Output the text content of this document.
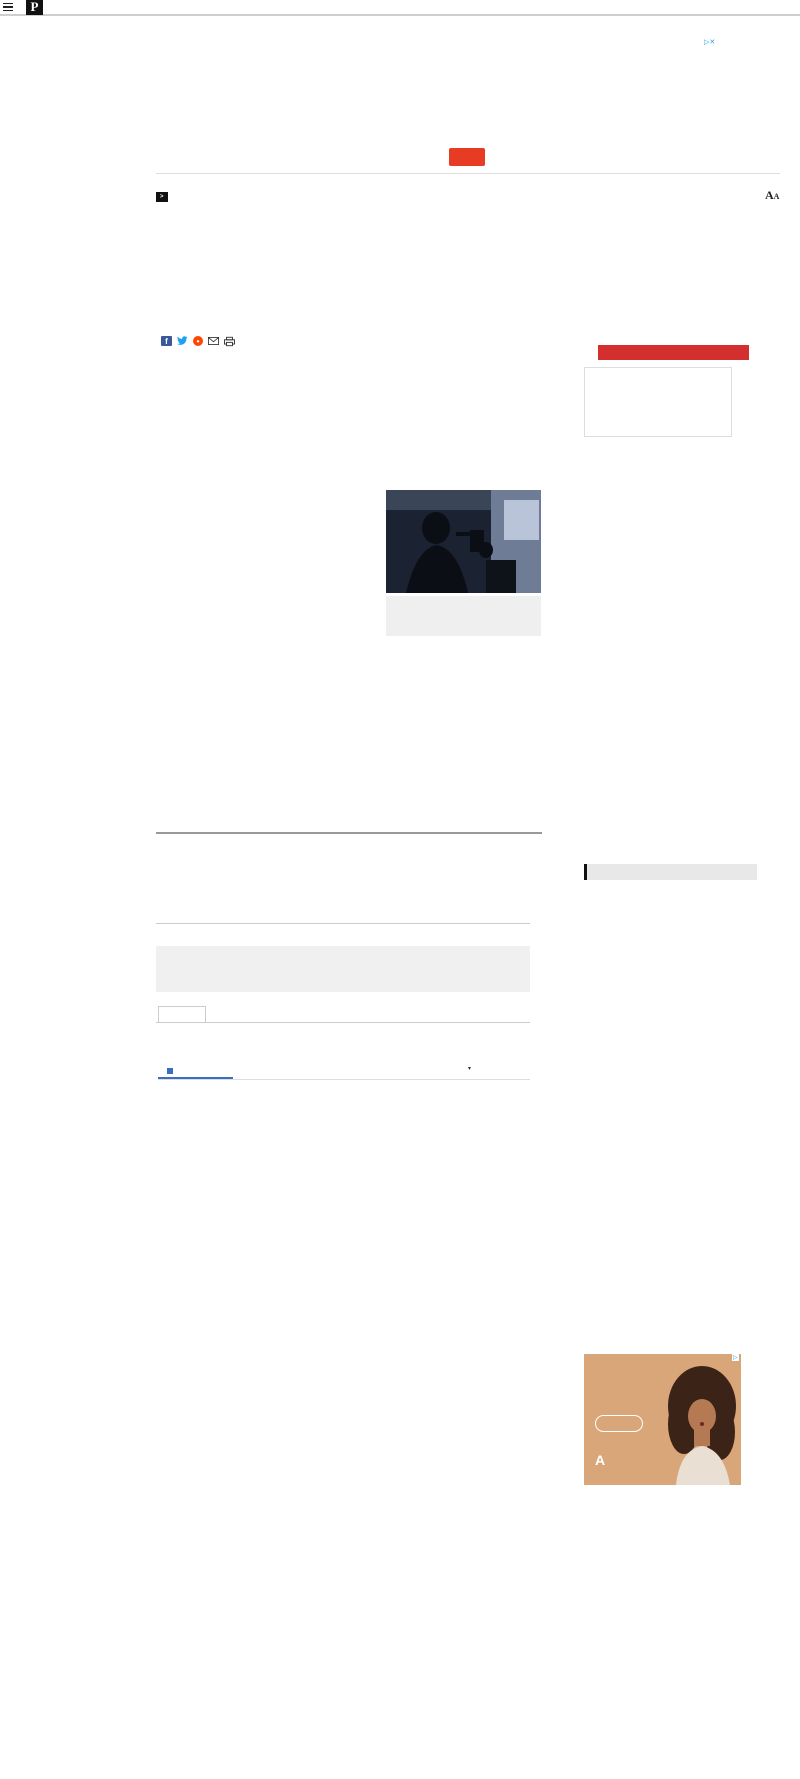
P
▷✕
>	AA
f	•
▾
A
▷
